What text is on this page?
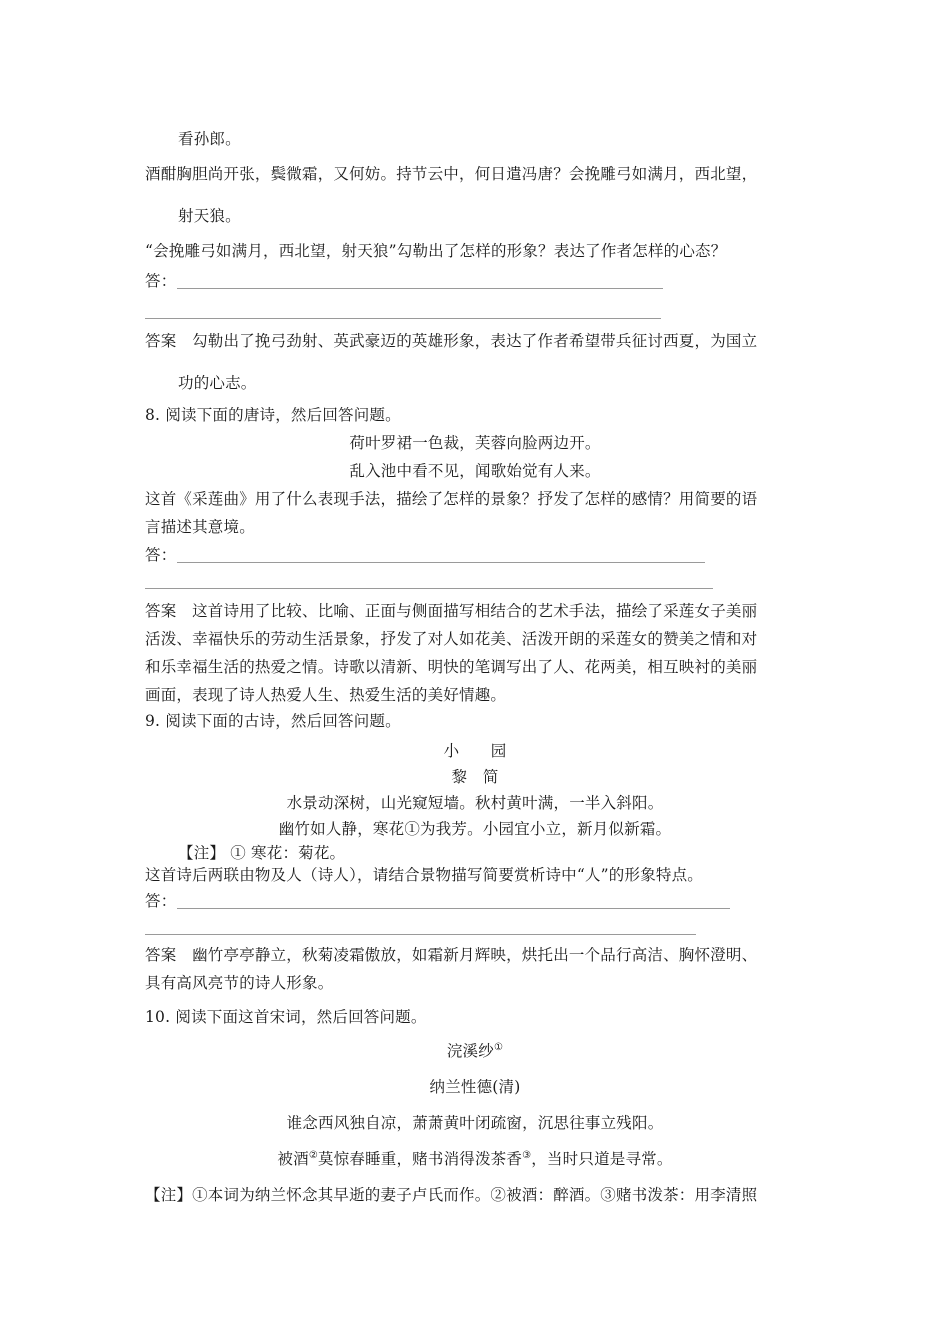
看孙郎。
酒酣胸胆尚开张，鬓微霜，又何妨。持节云中，何日遣冯唐？会挽雕弓如满月，西北望，
射天狼。
“会挽雕弓如满月，西北望，射天狼”勾勒出了怎样的形象？表达了作者怎样的心态？
答：
答案　勾勒出了挽弓劲射、英武豪迈的英雄形象，表达了作者希望带兵征讨西夏，为国立
功的心志。
8. 阅读下面的唐诗，然后回答问题。
荷叶罗裙一色裁，芙蓉向脸两边开。
乱入池中看不见，闻歌始觉有人来。
这首《采莲曲》用了什么表现手法，描绘了怎样的景象？抒发了怎样的感情？用简要的语
言描述其意境。
答：
答案　这首诗用了比较、比喻、正面与侧面描写相结合的艺术手法，描绘了采莲女子美丽
活泼、幸福快乐的劳动生活景象，抒发了对人如花美、活泼开朗的采莲女的赞美之情和对
和乐幸福生活的热爱之情。诗歌以清新、明快的笔调写出了人、花两美，相互映衬的美丽
画面，表现了诗人热爱人生、热爱生活的美好情趣。
9. 阅读下面的古诗，然后回答问题。
小　　园
黎　简
水景动深树，山光窥短墙。秋村黄叶满，一半入斜阳。
幽竹如人静，寒花①为我芳。小园宜小立，新月似新霜。
【注】 ① 寒花：菊花。
这首诗后两联由物及人（诗人），请结合景物描写简要赏析诗中“人”的形象特点。
答：
答案　幽竹亭亭静立，秋菊凌霜傲放，如霜新月辉映，烘托出一个品行高洁、胸怀澄明、
具有高风亮节的诗人形象。
10. 阅读下面这首宋词，然后回答问题。
浣溪纱①
纳兰性德(清)
谁念西风独自凉，萧萧黄叶闭疏窗，沉思往事立残阳。
被酒②莫惊春睡重，赌书消得泼茶香③，当时只道是寻常。
【注】①本词为纳兰怀念其早逝的妻子卢氏而作。②被酒：醉酒。③赌书泼茶：用李清照
